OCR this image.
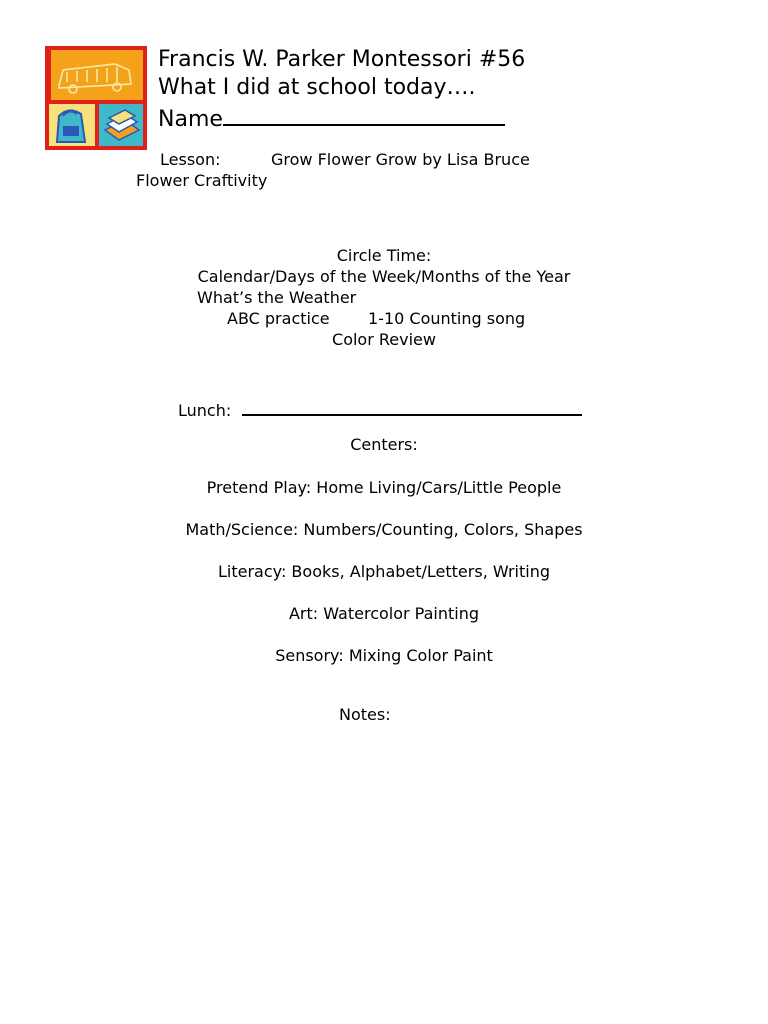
Francis W. Parker Montessori #56
What I did at school today….
Name
Lesson:	Grow Flower Grow by Lisa Bruce
Flower Craftivity
Circle Time:
Calendar/Days of the Week/Months of the Year
What’s the Weather
ABC practice 1-10 Counting song
Color Review
Lunch:
Centers:
Pretend Play: Home Living/Cars/Little People
Math/Science: Numbers/Counting, Colors, Shapes
Literacy: Books, Alphabet/Letters, Writing
Art: Watercolor Painting
Sensory: Mixing Color Paint
Notes:
